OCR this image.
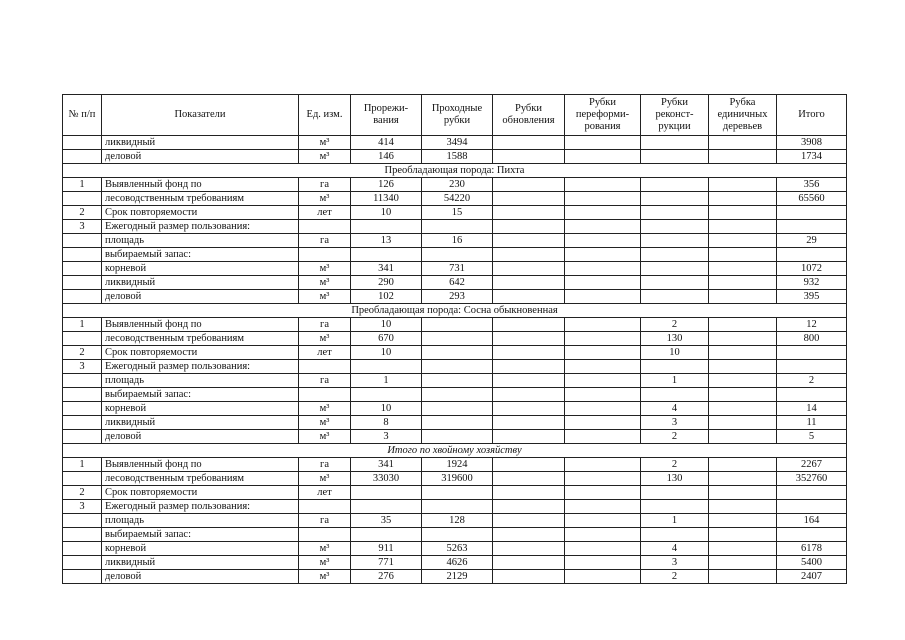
№ п/п	Показатели	Ед. изм.	Прорежи-вания	Проходные рубки	Рубки обновления	Рубки переформи-рования	Рубки реконст-рукции	Рубка единичных деревьев	Итого
	ликвидный	м³	414	3494					3908
	деловой	м³	146	1588					1734
Преобладающая порода: Пихта									
1	Выявленный фонд по	га	126	230					356
	лесоводственным требованиям	м³	11340	54220					65560
2	Срок повторяемости	лет	10	15					
3	Ежегодный размер пользования:								
	площадь	га	13	16					29
	выбираемый запас:								
	корневой	м³	341	731					1072
	ликвидный	м³	290	642					932
	деловой	м³	102	293					395
Преобладающая порода: Сосна обыкновенная									
1	Выявленный фонд по	га	10				2		12
	лесоводственным требованиям	м³	670				130		800
2	Срок повторяемости	лет	10				10		
3	Ежегодный размер пользования:								
	площадь	га	1				1		2
	выбираемый запас:								
	корневой	м³	10				4		14
	ликвидный	м³	8				3		11
	деловой	м³	3				2		5
Итого по хвойному хозяйству									
1	Выявленный фонд по	га	341	1924			2		2267
	лесоводственным требованиям	м³	33030	319600			130		352760
2	Срок повторяемости	лет							
3	Ежегодный размер пользования:								
	площадь	га	35	128			1		164
	выбираемый запас:								
	корневой	м³	911	5263			4		6178
	ликвидный	м³	771	4626			3		5400
	деловой	м³	276	2129			2		2407
